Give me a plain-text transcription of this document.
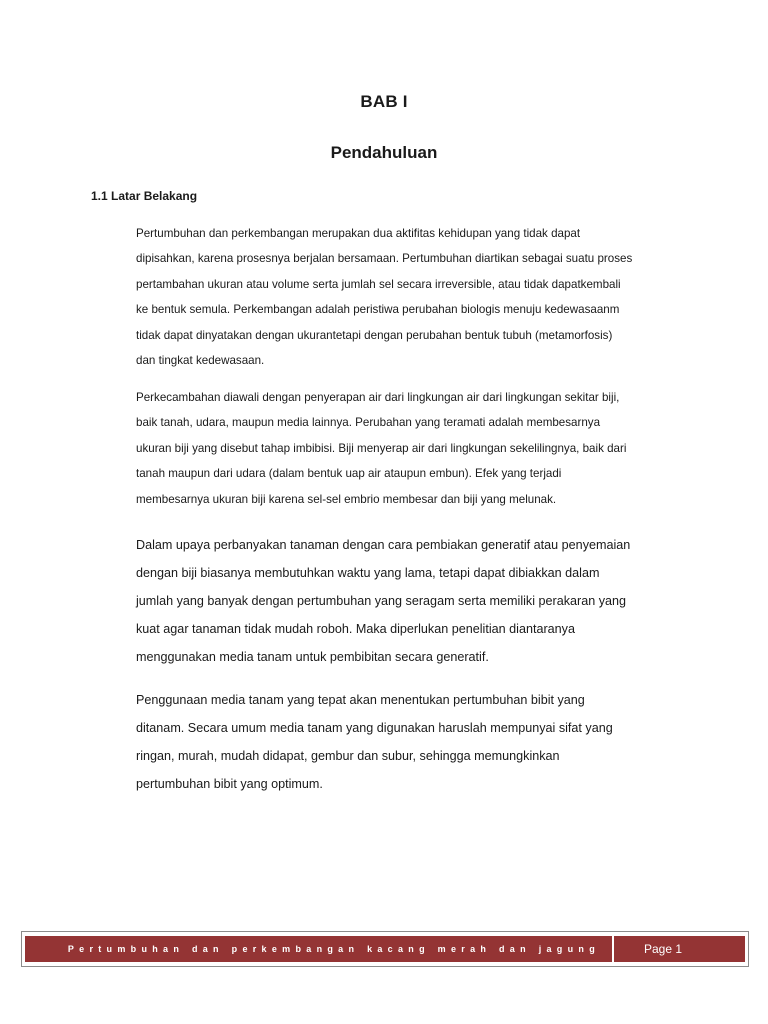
BAB I
Pendahuluan
1.1 Latar Belakang

Pertumbuhan dan perkembangan merupakan dua aktifitas kehidupan yang tidak dapat
dipisahkan, karena prosesnya berjalan bersamaan. Pertumbuhan diartikan sebagai suatu proses
pertambahan ukuran atau volume serta jumlah sel secara irreversible, atau tidak dapatkembali
ke bentuk semula. Perkembangan adalah peristiwa perubahan biologis menuju kedewasaanm
tidak dapat dinyatakan dengan ukurantetapi dengan perubahan bentuk tubuh (metamorfosis)
dan tingkat kedewasaan.

Perkecambahan diawali dengan penyerapan air dari lingkungan air dari lingkungan sekitar biji,
baik tanah, udara, maupun media lainnya. Perubahan yang teramati adalah membesarnya
ukuran biji yang disebut tahap imbibisi. Biji menyerap air dari lingkungan sekelilingnya, baik dari
tanah maupun dari udara (dalam bentuk uap air ataupun embun). Efek yang terjadi
membesarnya ukuran biji karena sel-sel embrio membesar dan biji yang melunak.

Dalam upaya perbanyakan tanaman dengan cara pembiakan generatif atau penyemaian
dengan biji biasanya membutuhkan waktu yang lama, tetapi dapat dibiakkan dalam
jumlah yang banyak dengan pertumbuhan yang seragam serta memiliki perakaran yang
kuat agar tanaman tidak mudah roboh. Maka diperlukan penelitian diantaranya
menggunakan media tanam untuk pembibitan secara generatif.

Penggunaan media tanam yang tepat akan menentukan pertumbuhan bibit yang
ditanam. Secara umum media tanam yang digunakan haruslah mempunyai sifat yang
ringan, murah, mudah didapat, gembur dan subur, sehingga memungkinkan
pertumbuhan bibit yang optimum.

Pertumbuhan dan perkembangan kacang merah dan jagung	Page 1
